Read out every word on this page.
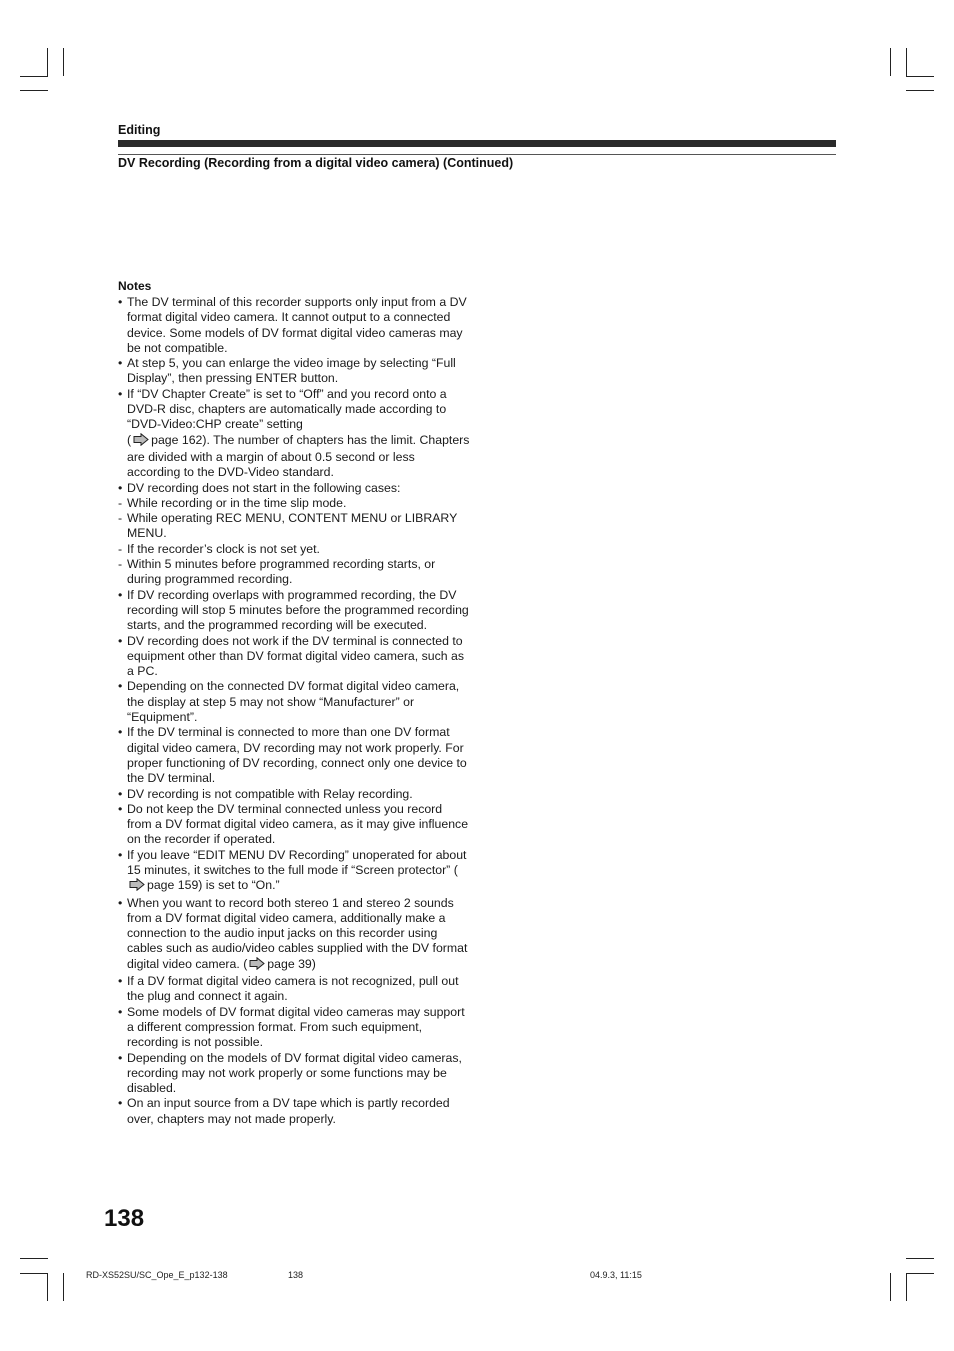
Editing
DV Recording (Recording from a digital video camera) (Continued)
Notes
• The DV terminal of this recorder supports only input from a DV format digital video camera. It cannot output to a connected device. Some models of DV format digital video cameras may be not compatible.
• At step 5, you can enlarge the video image by selecting “Full Display”, then pressing ENTER button.
• If “DV Chapter Create” is set to “Off” and you record onto a DVD-R disc, chapters are automatically made according to “DVD-Video:CHP create” setting
( page 162). The number of chapters has the limit. Chapters are divided with a margin of about 0.5 second or less according to the DVD-Video standard.
• DV recording does not start in the following cases:
- While recording or in the time slip mode.
- While operating REC MENU, CONTENT MENU or LIBRARY MENU.
- If the recorder’s clock is not set yet.
- Within 5 minutes before programmed recording starts, or during programmed recording.
• If DV recording overlaps with programmed recording, the DV recording will stop 5 minutes before the programmed recording starts, and the programmed recording will be executed.
• DV recording does not work if the DV terminal is connected to equipment other than DV format digital video camera, such as a PC.
• Depending on the connected DV format digital video camera, the display at step 5 may not show “Manufacturer” or “Equipment”.
• If the DV terminal is connected to more than one DV format digital video camera, DV recording may not work properly. For proper functioning of DV recording, connect only one device to the DV terminal.
• DV recording is not compatible with Relay recording.
• Do not keep the DV terminal connected unless you record from a DV format digital video camera, as it may give influence on the recorder if operated.
• If you leave “EDIT MENU DV Recording” unoperated for about 15 minutes, it switches to the full mode if “Screen protector” (page 159) is set to “On.”
• When you want to record both stereo 1 and stereo 2 sounds from a DV format digital video camera, additionally make a connection to the audio input jacks on this recorder using cables such as audio/video cables supplied with the DV format digital video camera. ( page 39)
• If a DV format digital video camera is not recognized, pull out the plug and connect it again.
• Some models of DV format digital video cameras may support a different compression format. From such equipment, recording is not possible.
• Depending on the models of DV format digital video cameras, recording may not work properly or some functions may be disabled.
• On an input source from a DV tape which is partly recorded over, chapters may not made properly.
138
RD-XS52SU/SC_Ope_E_p132-138	138	04.9.3, 11:15
